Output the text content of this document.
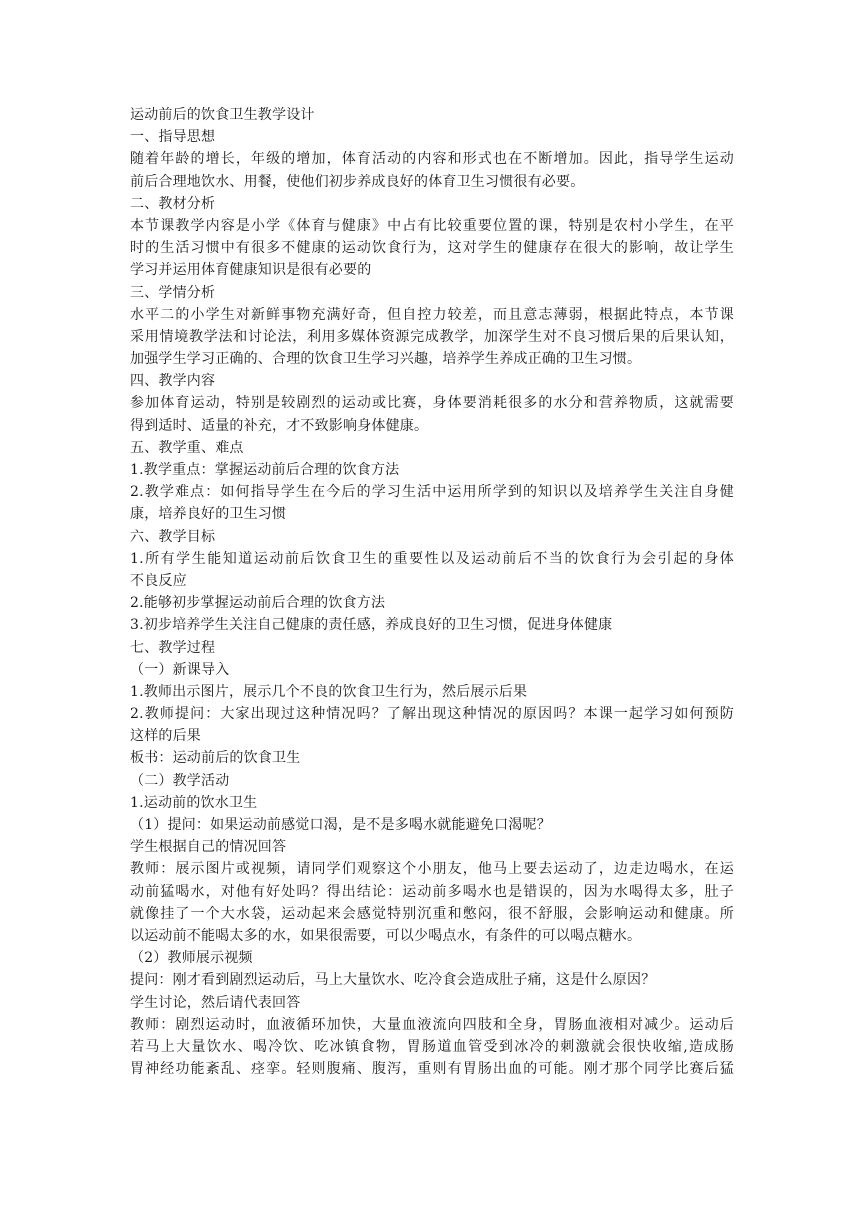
运动前后的饮食卫生教学设计
一、指导思想
随着年龄的增长，年级的增加，体育活动的内容和形式也在不断增加。因此，指导学生运动
前后合理地饮水、用餐，使他们初步养成良好的体育卫生习惯很有必要。
二、教材分析
本节课教学内容是小学《体育与健康》中占有比较重要位置的课，特别是农村小学生，在平
时的生活习惯中有很多不健康的运动饮食行为，这对学生的健康存在很大的影响，故让学生
学习并运用体育健康知识是很有必要的
三、学情分析
水平二的小学生对新鲜事物充满好奇，但自控力较差，而且意志薄弱，根据此特点，本节课
采用情境教学法和讨论法，利用多媒体资源完成教学，加深学生对不良习惯后果的后果认知，
加强学生学习正确的、合理的饮食卫生学习兴趣，培养学生养成正确的卫生习惯。
四、教学内容
参加体育运动，特别是较剧烈的运动或比赛，身体要消耗很多的水分和营养物质，这就需要
得到适时、适量的补充，才不致影响身体健康。
五、教学重、难点
1.教学重点：掌握运动前后合理的饮食方法
2.教学难点：如何指导学生在今后的学习生活中运用所学到的知识以及培养学生关注自身健
康，培养良好的卫生习惯
六、教学目标
1.所有学生能知道运动前后饮食卫生的重要性以及运动前后不当的饮食行为会引起的身体
不良反应
2.能够初步掌握运动前后合理的饮食方法
3.初步培养学生关注自己健康的责任感，养成良好的卫生习惯，促进身体健康
七、教学过程
（一）新课导入
1.教师出示图片，展示几个不良的饮食卫生行为，然后展示后果
2.教师提问：大家出现过这种情况吗？了解出现这种情况的原因吗？本课一起学习如何预防
这样的后果
板书：运动前后的饮食卫生
（二）教学活动
1.运动前的饮水卫生
（1）提问：如果运动前感觉口渴，是不是多喝水就能避免口渴呢？
学生根据自己的情况回答
教师：展示图片或视频，请同学们观察这个小朋友，他马上要去运动了，边走边喝水，在运
动前猛喝水，对他有好处吗？得出结论：运动前多喝水也是错误的，因为水喝得太多，肚子
就像挂了一个大水袋，运动起来会感觉特别沉重和憋闷，很不舒服，会影响运动和健康。所
以运动前不能喝太多的水，如果很需要，可以少喝点水，有条件的可以喝点糖水。
（2）教师展示视频
提问：刚才看到剧烈运动后，马上大量饮水、吃冷食会造成肚子痛，这是什么原因？
学生讨论，然后请代表回答
教师：剧烈运动时，血液循环加快，大量血液流向四肢和全身，胃肠血液相对减少。运动后
若马上大量饮水、喝冷饮、吃冰镇食物，胃肠道血管受到冰冷的刺激就会很快收缩,造成肠
胃神经功能紊乱、痉挛。轻则腹痛、腹泻，重则有胃肠出血的可能。刚才那个同学比赛后猛
